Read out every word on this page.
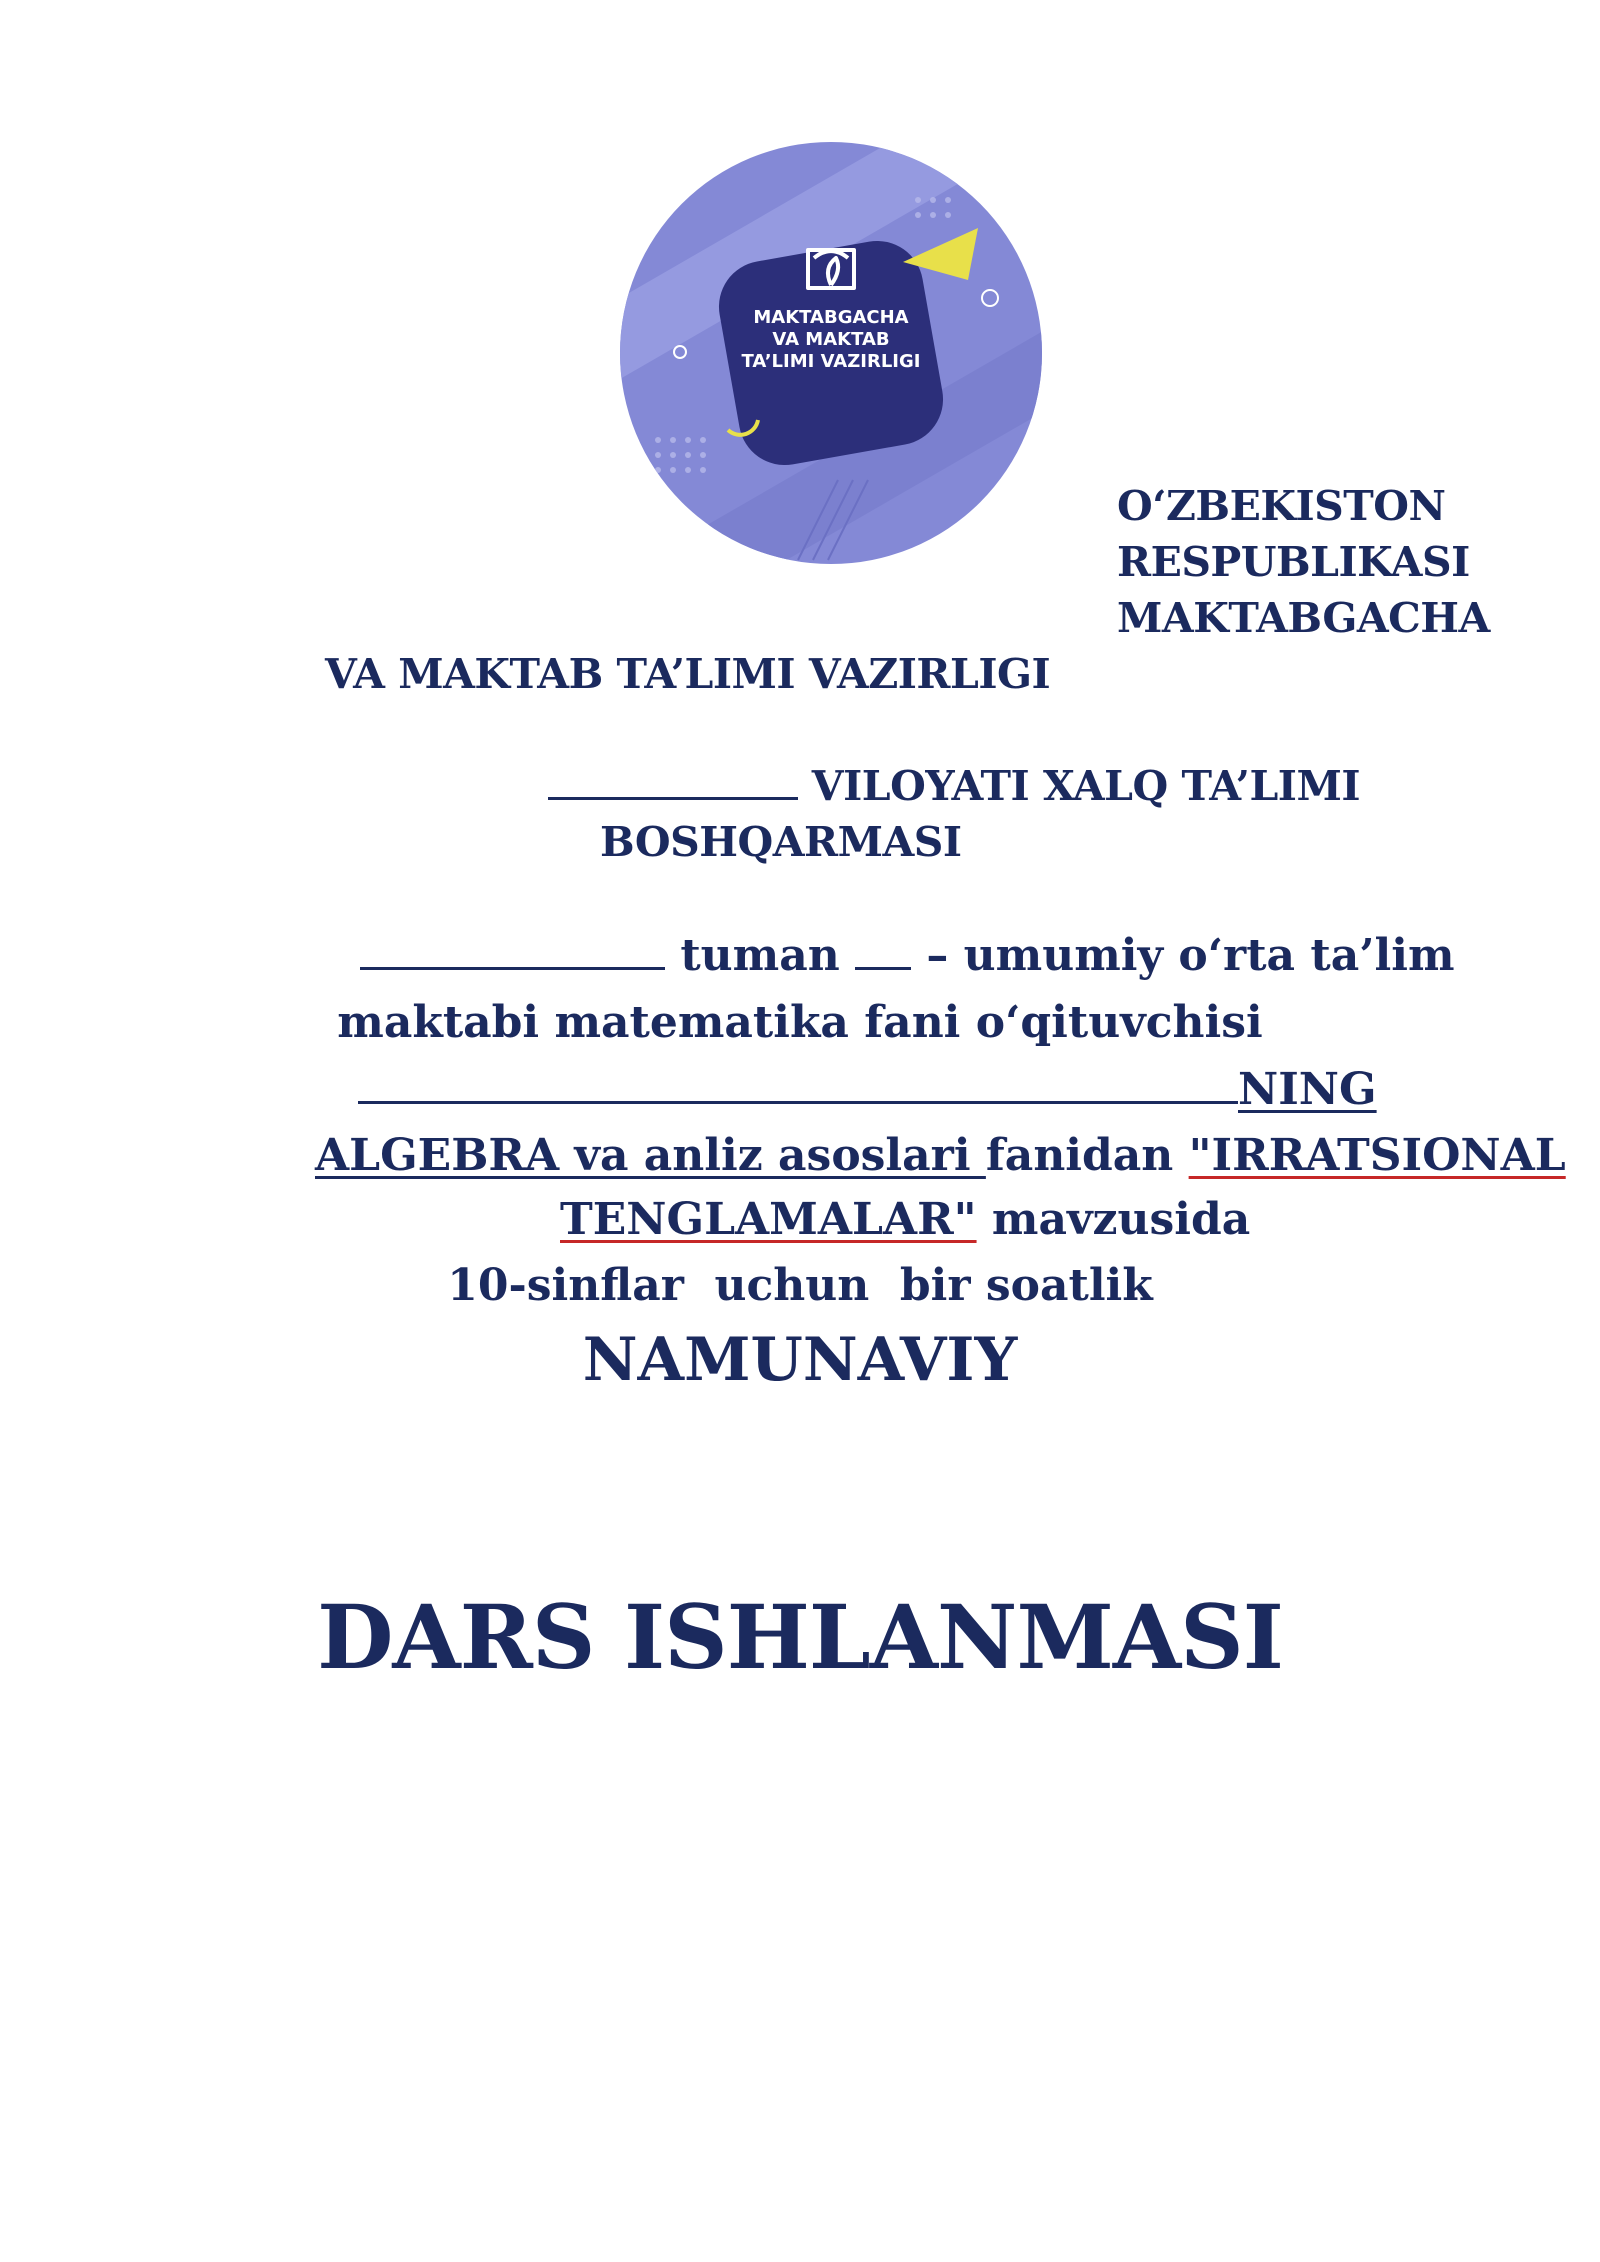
MAKTABGACHA
VA MAKTAB
TA’LIMI VAZIRLIGI
O‘ZBEKISTON
RESPUBLIKASI
MAKTABGACHA
VA MAKTAB TA’LIMI VAZIRLIGI
VILOYATI XALQ TA’LIMI
BOSHQARMASI
tuman – umumiy o‘rta ta’lim
maktabi matematika fani o‘qituvchisi
NING
ALGEBRA va anliz asoslari fanidan "IRRATSIONAL
TENGLAMALAR" mavzusida
10-sinflar  uchun  bir soatlik
NAMUNAVIY
DARS ISHLANMASI
